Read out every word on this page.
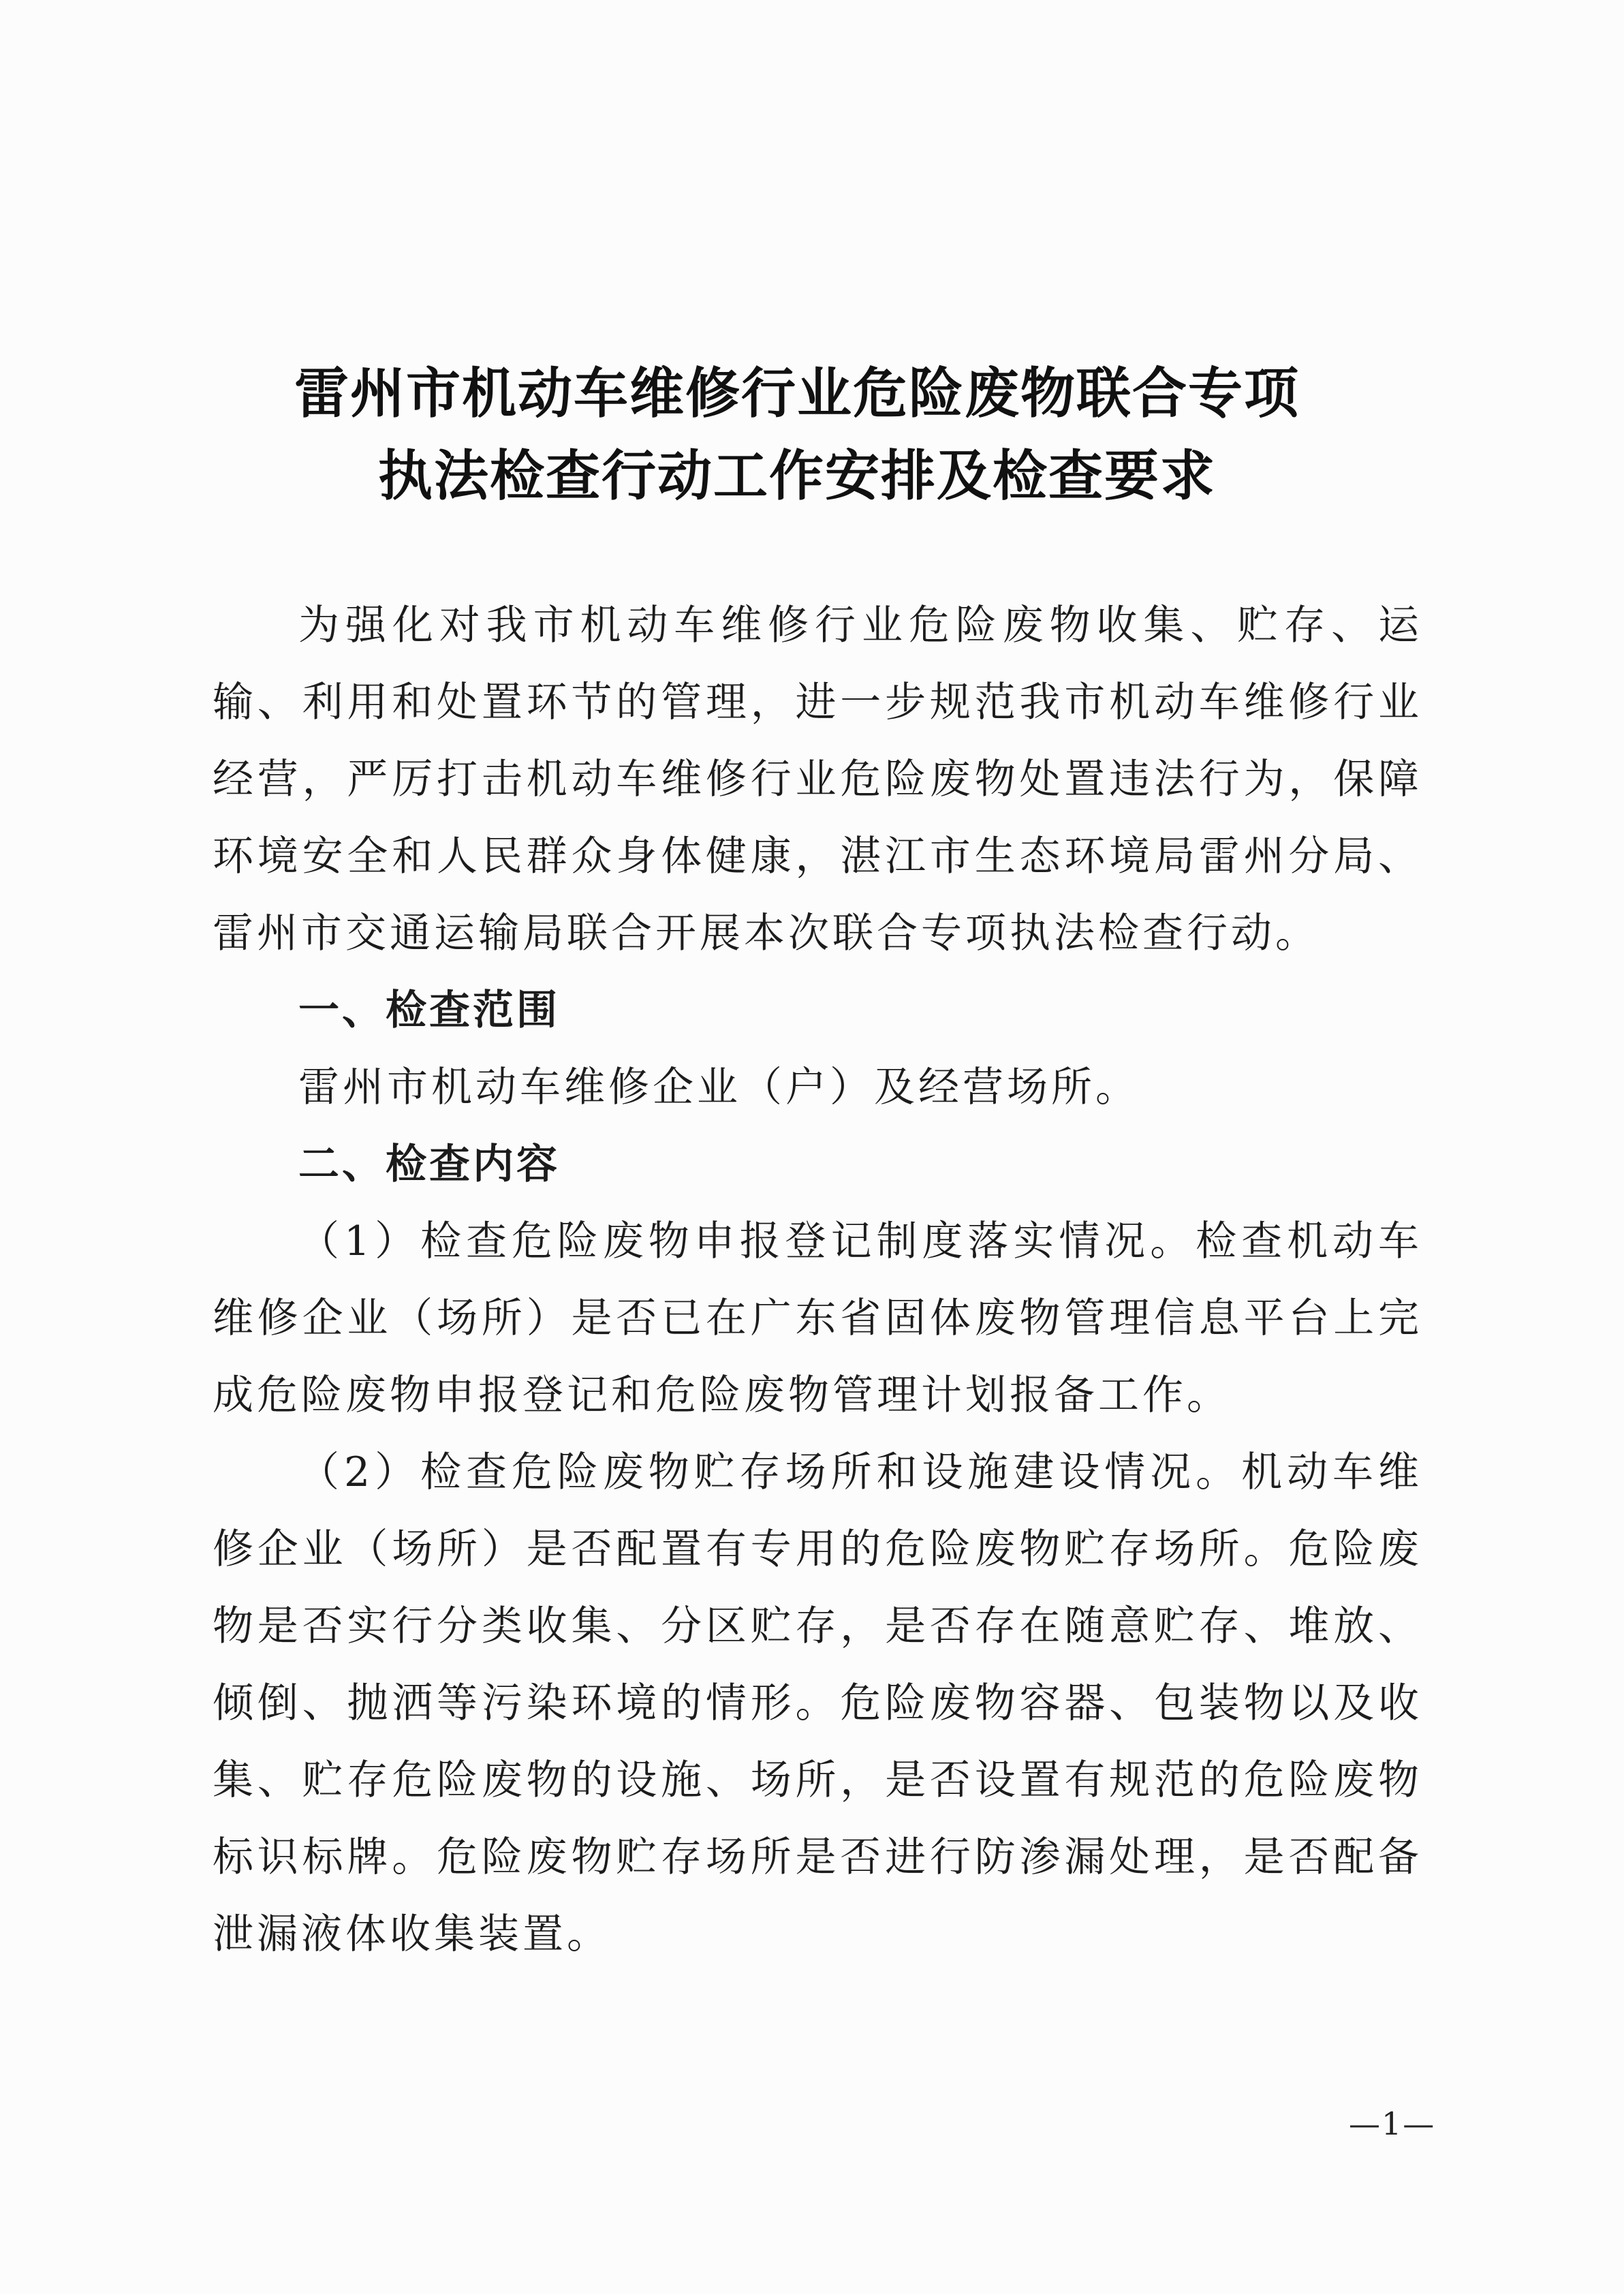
雷州市机动车维修行业危险废物联合专项
执法检查行动工作安排及检查要求

为强化对我市机动车维修行业危险废物收集、贮存、运输、利用和处置环节的管理，进一步规范我市机动车维修行业经营，严厉打击机动车维修行业危险废物处置违法行为，保障环境安全和人民群众身体健康，湛江市生态环境局雷州分局、雷州市交通运输局联合开展本次联合专项执法检查行动。

一、检查范围

雷州市机动车维修企业（户）及经营场所。

二、检查内容

（1）检查危险废物申报登记制度落实情况。检查机动车维修企业（场所）是否已在广东省固体废物管理信息平台上完成危险废物申报登记和危险废物管理计划报备工作。

（2）检查危险废物贮存场所和设施建设情况。机动车维修企业（场所）是否配置有专用的危险废物贮存场所。危险废物是否实行分类收集、分区贮存，是否存在随意贮存、堆放、倾倒、抛洒等污染环境的情形。危险废物容器、包装物以及收集、贮存危险废物的设施、场所，是否设置有规范的危险废物标识标牌。危险废物贮存场所是否进行防渗漏处理，是否配备泄漏液体收集装置。

—1—
